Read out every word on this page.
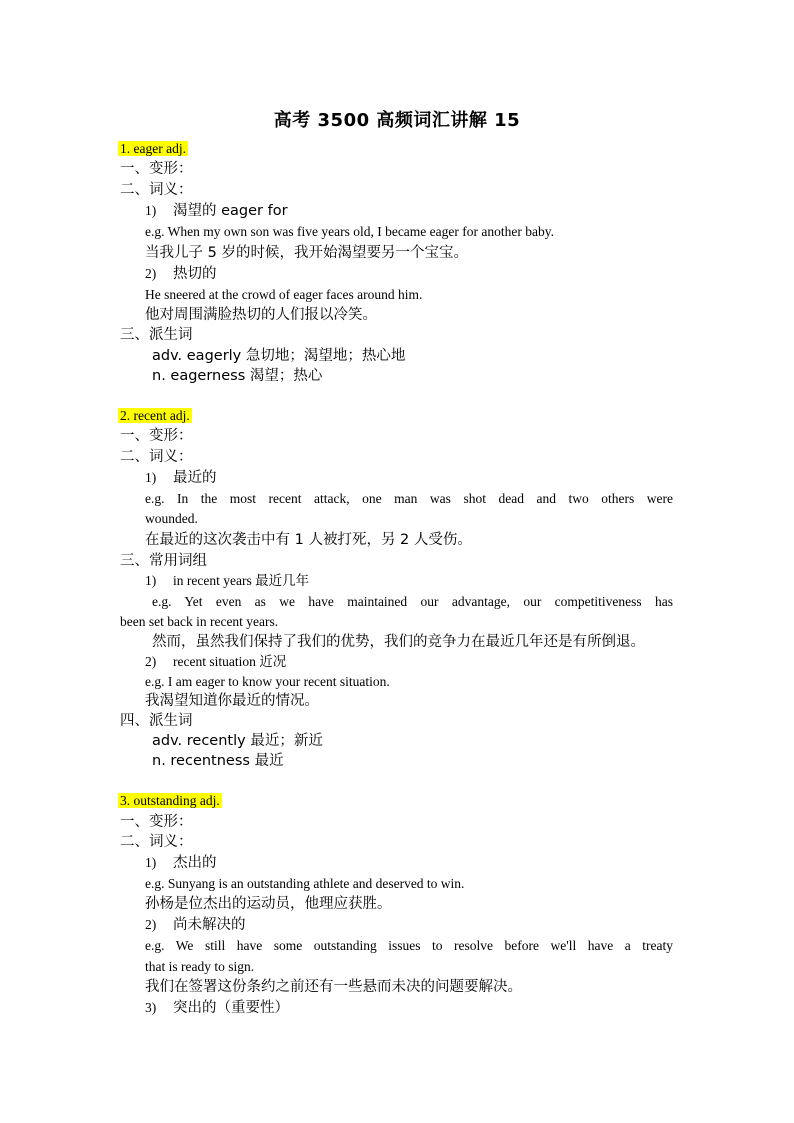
高考 3500 高频词汇讲解 15
1. eager adj.
一、变形：
二、词义：
1) 渴望的 eager for
e.g. When my own son was five years old, I became eager for another baby.
当我儿子 5 岁的时候，我开始渴望要另一个宝宝。
2) 热切的
He sneered at the crowd of eager faces around him.
他对周围满脸热切的人们报以冷笑。
三、派生词
adv. eagerly 急切地；渴望地；热心地
n. eagerness 渴望；热心
2. recent adj.
一、变形：
二、词义：
1) 最近的
e.g. In the most recent attack, one man was shot dead and two others were
wounded.
在最近的这次袭击中有 1 人被打死，另 2 人受伤。
三、常用词组
1) in recent years 最近几年
e.g. Yet even as we have maintained our advantage, our competitiveness has
been set back in recent years.
然而，虽然我们保持了我们的优势，我们的竞争力在最近几年还是有所倒退。
2) recent situation 近况
e.g. I am eager to know your recent situation.
我渴望知道你最近的情况。
四、派生词
adv. recently 最近；新近
n. recentness 最近
3. outstanding adj.
一、变形：
二、词义：
1) 杰出的
e.g. Sunyang is an outstanding athlete and deserved to win.
孙杨是位杰出的运动员，他理应获胜。
2) 尚未解决的
e.g. We still have some outstanding issues to resolve before we'll have a treaty
that is ready to sign.
我们在签署这份条约之前还有一些悬而未决的问题要解决。
3) 突出的（重要性）
